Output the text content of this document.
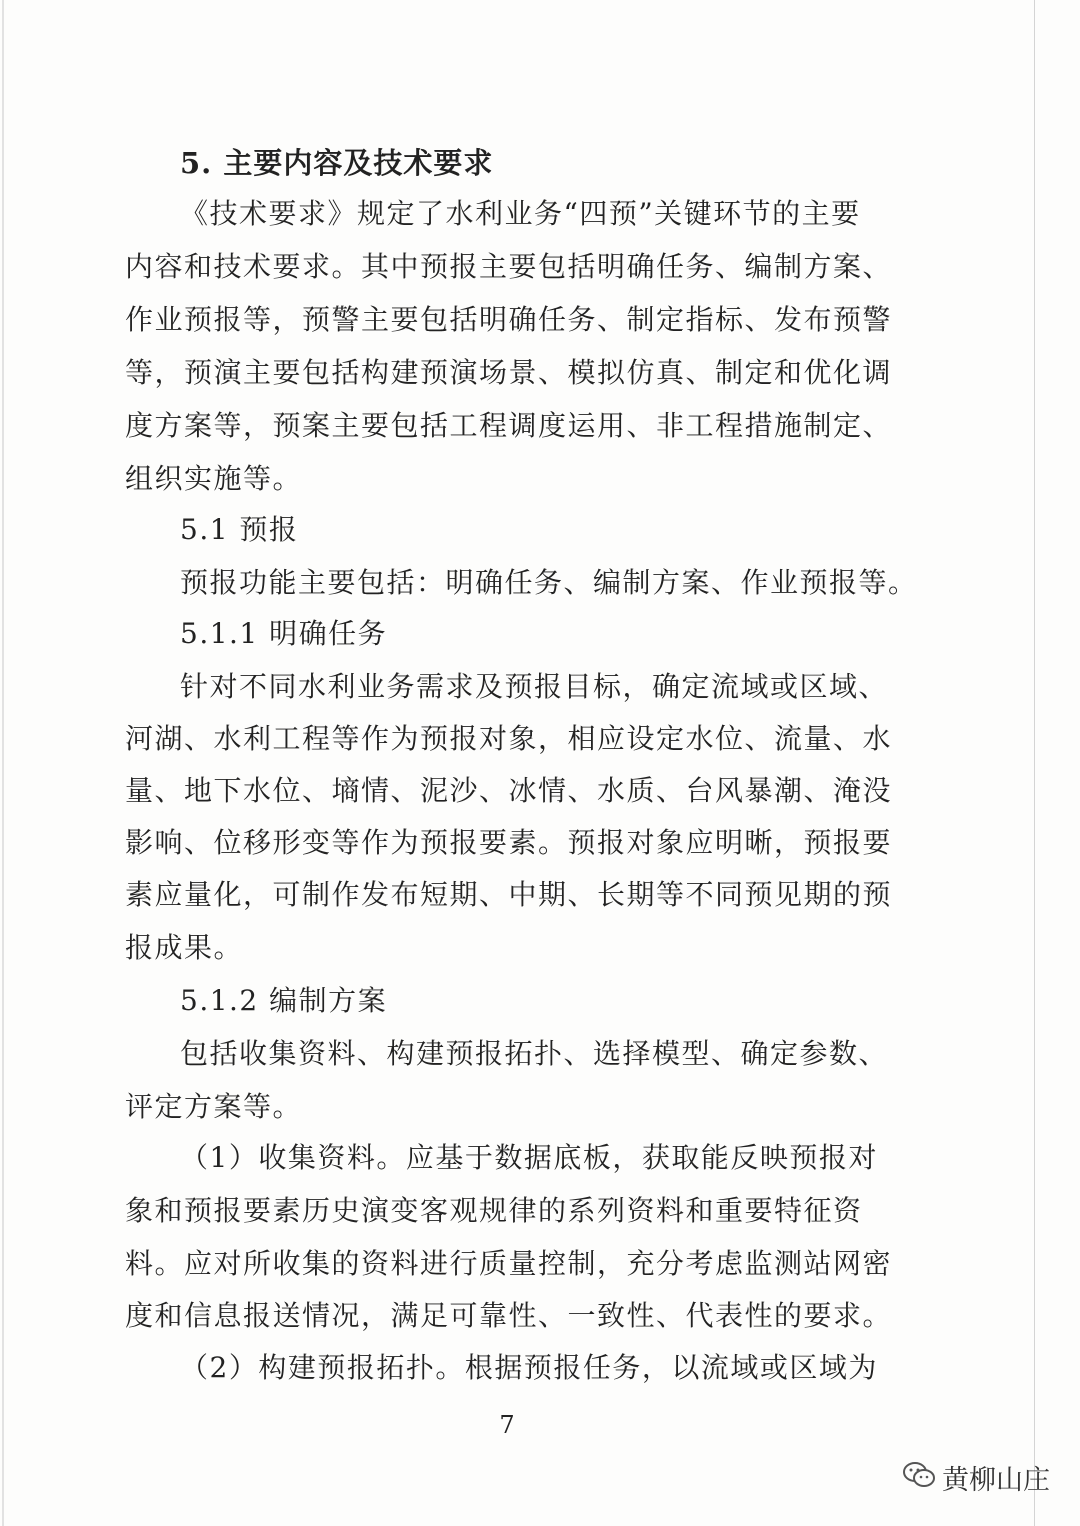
5. 主要内容及技术要求
《技术要求》规定了水利业务“四预”关键环节的主要
内容和技术要求。其中预报主要包括明确任务、编制方案、
作业预报等，预警主要包括明确任务、制定指标、发布预警
等，预演主要包括构建预演场景、模拟仿真、制定和优化调
度方案等，预案主要包括工程调度运用、非工程措施制定、
组织实施等。
5.1 预报
预报功能主要包括：明确任务、编制方案、作业预报等。
5.1.1 明确任务
针对不同水利业务需求及预报目标，确定流域或区域、
河湖、水利工程等作为预报对象，相应设定水位、流量、水
量、地下水位、墒情、泥沙、冰情、水质、台风暴潮、淹没
影响、位移形变等作为预报要素。预报对象应明晰，预报要
素应量化，可制作发布短期、中期、长期等不同预见期的预
报成果。
5.1.2 编制方案
包括收集资料、构建预报拓扑、选择模型、确定参数、
评定方案等。
（1）收集资料。应基于数据底板，获取能反映预报对
象和预报要素历史演变客观规律的系列资料和重要特征资
料。应对所收集的资料进行质量控制，充分考虑监测站网密
度和信息报送情况，满足可靠性、一致性、代表性的要求。
（2）构建预报拓扑。根据预报任务，以流域或区域为
7
黄柳山庄
